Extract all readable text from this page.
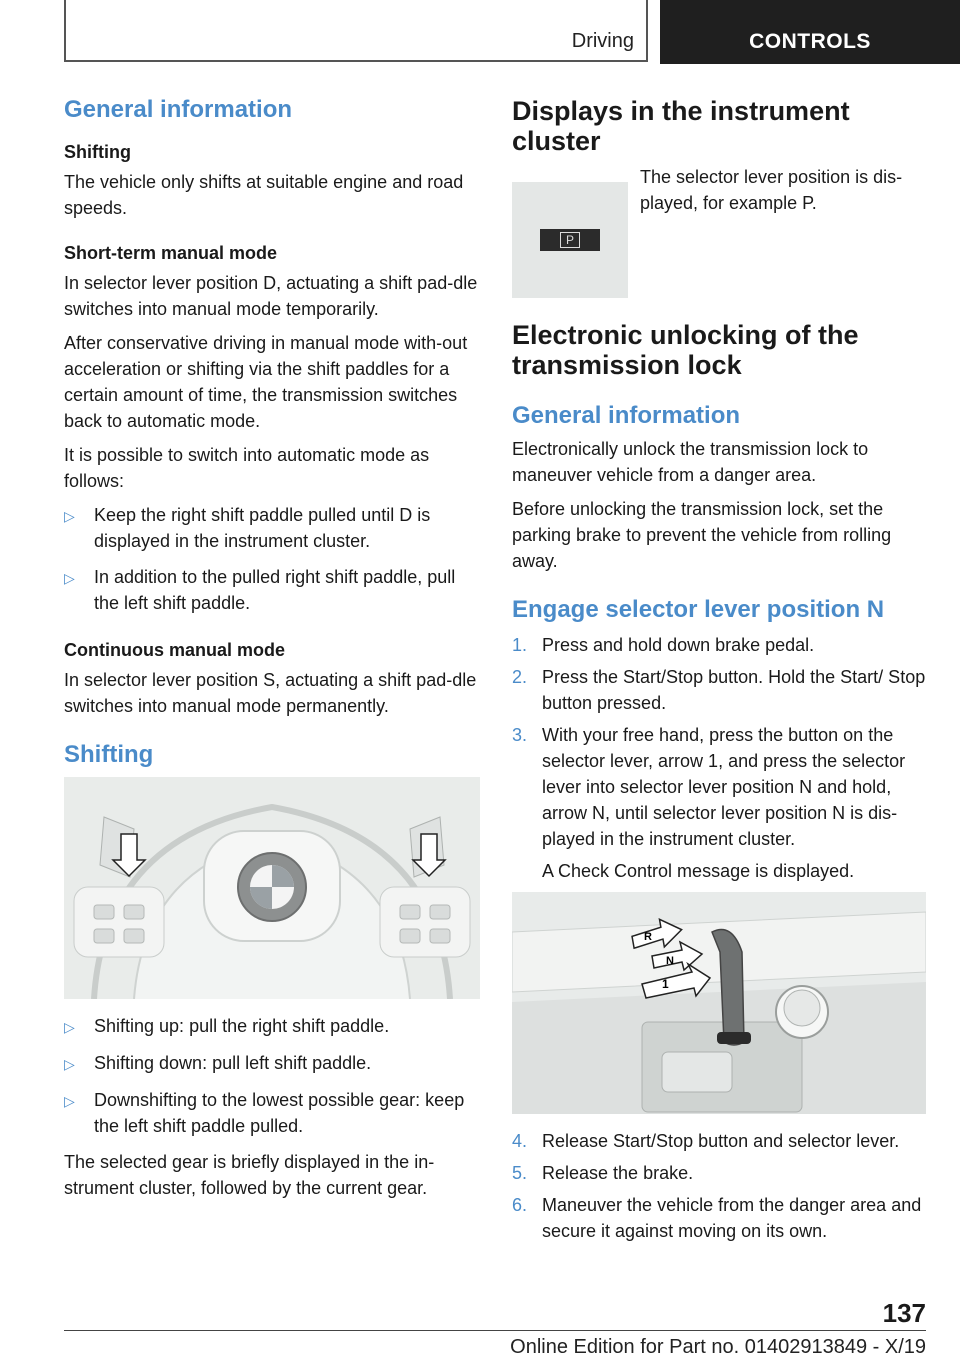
Driving	CONTROLS
General information
Shifting

The vehicle only shifts at suitable engine and road speeds.

Short-term manual mode

In selector lever position D, actuating a shift pad-dle switches into manual mode temporarily.

After conservative driving in manual mode with-out acceleration or shifting via the shift paddles for a certain amount of time, the transmission switches back to automatic mode.

It is possible to switch into automatic mode as follows:

▷	Keep the right shift paddle pulled until D is displayed in the instrument cluster.
▷	In addition to the pulled right shift paddle, pull the left shift paddle.
Continuous manual mode

In selector lever position S, actuating a shift pad-dle switches into manual mode permanently.

Shifting
▷	Shifting up: pull the right shift paddle.
▷	Shifting down: pull left shift paddle.
▷	Downshifting to the lowest possible gear: keep the left shift paddle pulled.

The selected gear is briefly displayed in the in-strument cluster, followed by the current gear.

Displays in the instrument cluster
P

The selector lever position is dis-played, for example P.

Electronic unlocking of the transmission lock
General information

Electronically unlock the transmission lock to maneuver vehicle from a danger area.

Before unlocking the transmission lock, set the parking brake to prevent the vehicle from rolling away.

Engage selector lever position N
1. Press and hold down brake pedal.
2. Press the Start/Stop button. Hold the Start/ Stop button pressed.
3. With your free hand, press the button on the selector lever, arrow 1, and press the selector lever into selector lever position N and hold, arrow N, until selector lever position N is dis-played in the instrument cluster.

A Check Control message is displayed.

R
N
1
4. Release Start/Stop button and selector lever.
5. Release the brake.
6. Maneuver the vehicle from the danger area and secure it against moving on its own.
137
Online Edition for Part no. 01402913849 - X/19
